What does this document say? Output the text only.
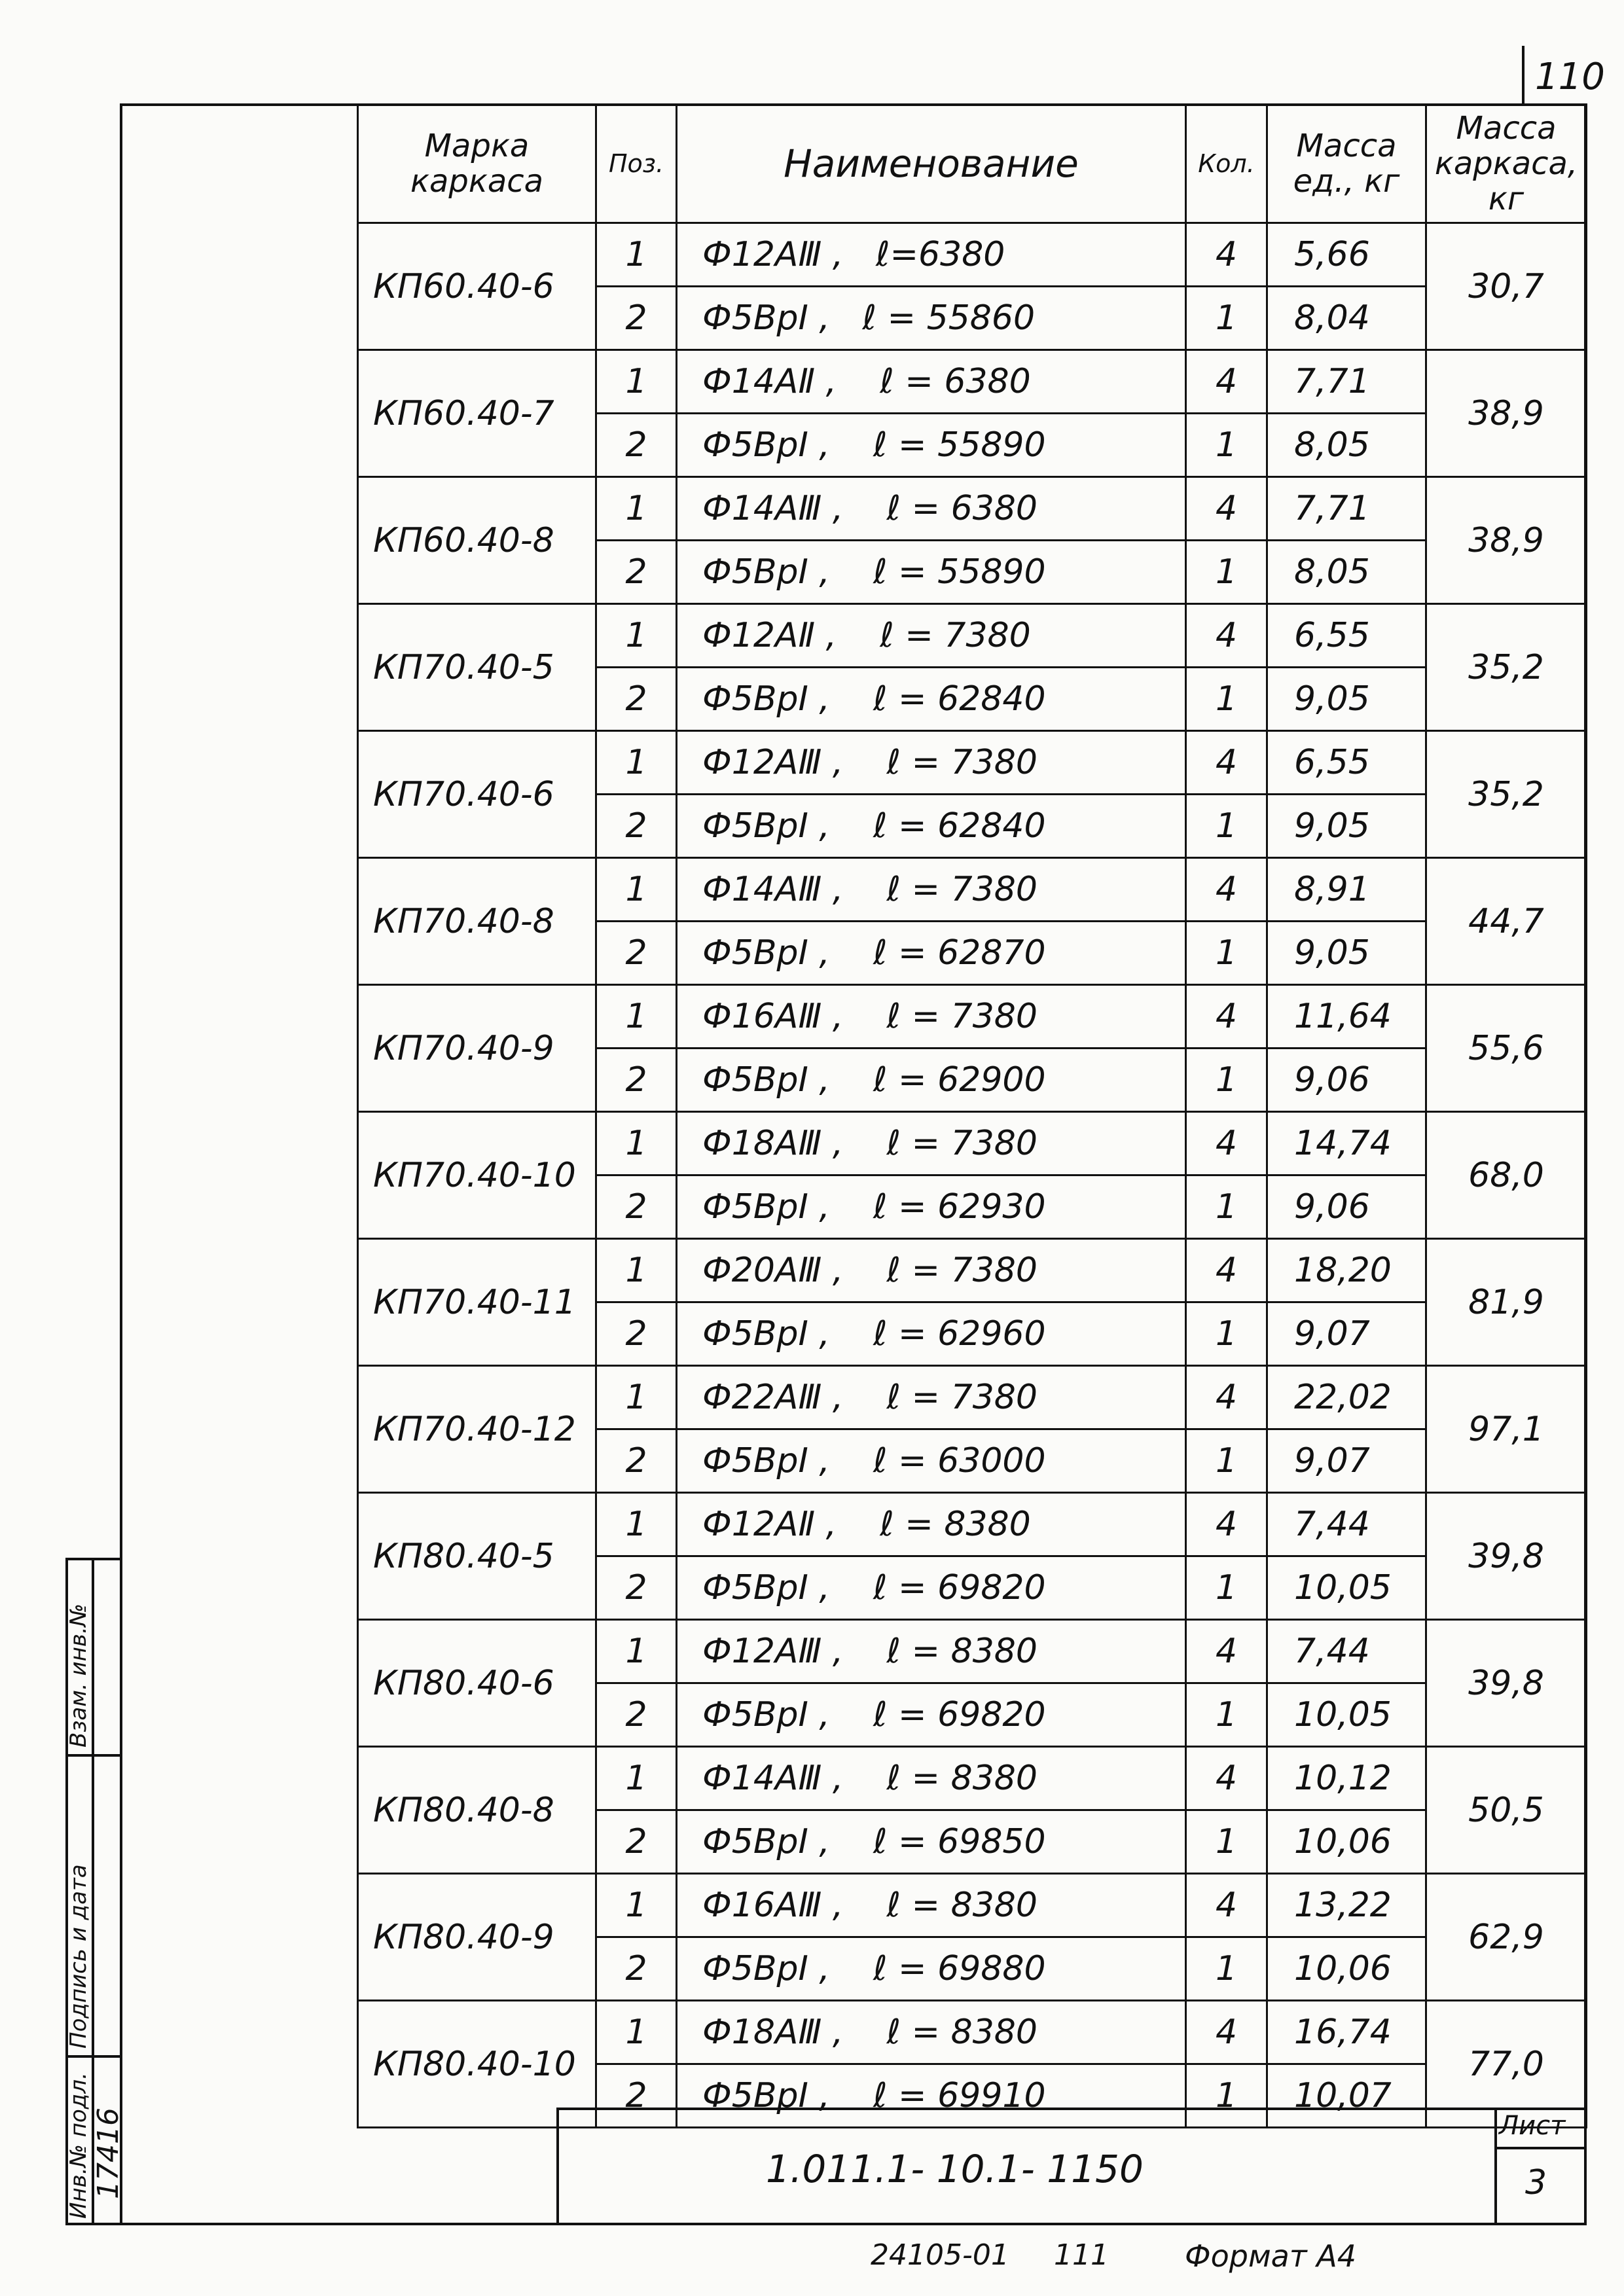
110
Марка каркаса	Поз.	Наименование	Кол.	Масса ед., кг	Масса каркаса, кг
КП60.40-6	1	Ф12АⅢ ,   ℓ=6380	4	5,66	30,7
	2	Ф5ВрI ,   ℓ = 55860	1	8,04	
КП60.40-7	1	Ф14АⅡ ,    ℓ = 6380	4	7,71	38,9
	2	Ф5ВрI ,    ℓ = 55890	1	8,05	
КП60.40-8	1	Ф14АⅢ ,    ℓ = 6380	4	7,71	38,9
	2	Ф5ВрI ,    ℓ = 55890	1	8,05	
КП70.40-5	1	Ф12АⅡ ,    ℓ = 7380	4	6,55	35,2
	2	Ф5ВрI ,    ℓ = 62840	1	9,05	
КП70.40-6	1	Ф12АⅢ ,    ℓ = 7380	4	6,55	35,2
	2	Ф5ВрI ,    ℓ = 62840	1	9,05	
КП70.40-8	1	Ф14АⅢ ,    ℓ = 7380	4	8,91	44,7
	2	Ф5ВрI ,    ℓ = 62870	1	9,05	
КП70.40-9	1	Ф16АⅢ ,    ℓ = 7380	4	11,64	55,6
	2	Ф5ВрI ,    ℓ = 62900	1	9,06	
КП70.40-10	1	Ф18АⅢ ,    ℓ = 7380	4	14,74	68,0
	2	Ф5ВрI ,    ℓ = 62930	1	9,06	
КП70.40-11	1	Ф20АⅢ ,    ℓ = 7380	4	18,20	81,9
	2	Ф5ВрI ,    ℓ = 62960	1	9,07	
КП70.40-12	1	Ф22АⅢ ,    ℓ = 7380	4	22,02	97,1
	2	Ф5ВрI ,    ℓ = 63000	1	9,07	
КП80.40-5	1	Ф12АⅡ ,    ℓ = 8380	4	7,44	39,8
	2	Ф5ВрI ,    ℓ = 69820	1	10,05	
КП80.40-6	1	Ф12АⅢ ,    ℓ = 8380	4	7,44	39,8
	2	Ф5ВрI ,    ℓ = 69820	1	10,05	
КП80.40-8	1	Ф14АⅢ ,    ℓ = 8380	4	10,12	50,5
	2	Ф5ВрI ,    ℓ = 69850	1	10,06	
КП80.40-9	1	Ф16АⅢ ,    ℓ = 8380	4	13,22	62,9
	2	Ф5ВрI ,    ℓ = 69880	1	10,06	
КП80.40-10	1	Ф18АⅢ ,    ℓ = 8380	4	16,74	77,0
	2	Ф5ВрI ,    ℓ = 69910	1	10,07	
1.011.1- 10.1- 1150
Лист
3
Взам. инв.№
Подпись и дата
Инв.№ подл. 17416
24105-01 111	Формат А4
